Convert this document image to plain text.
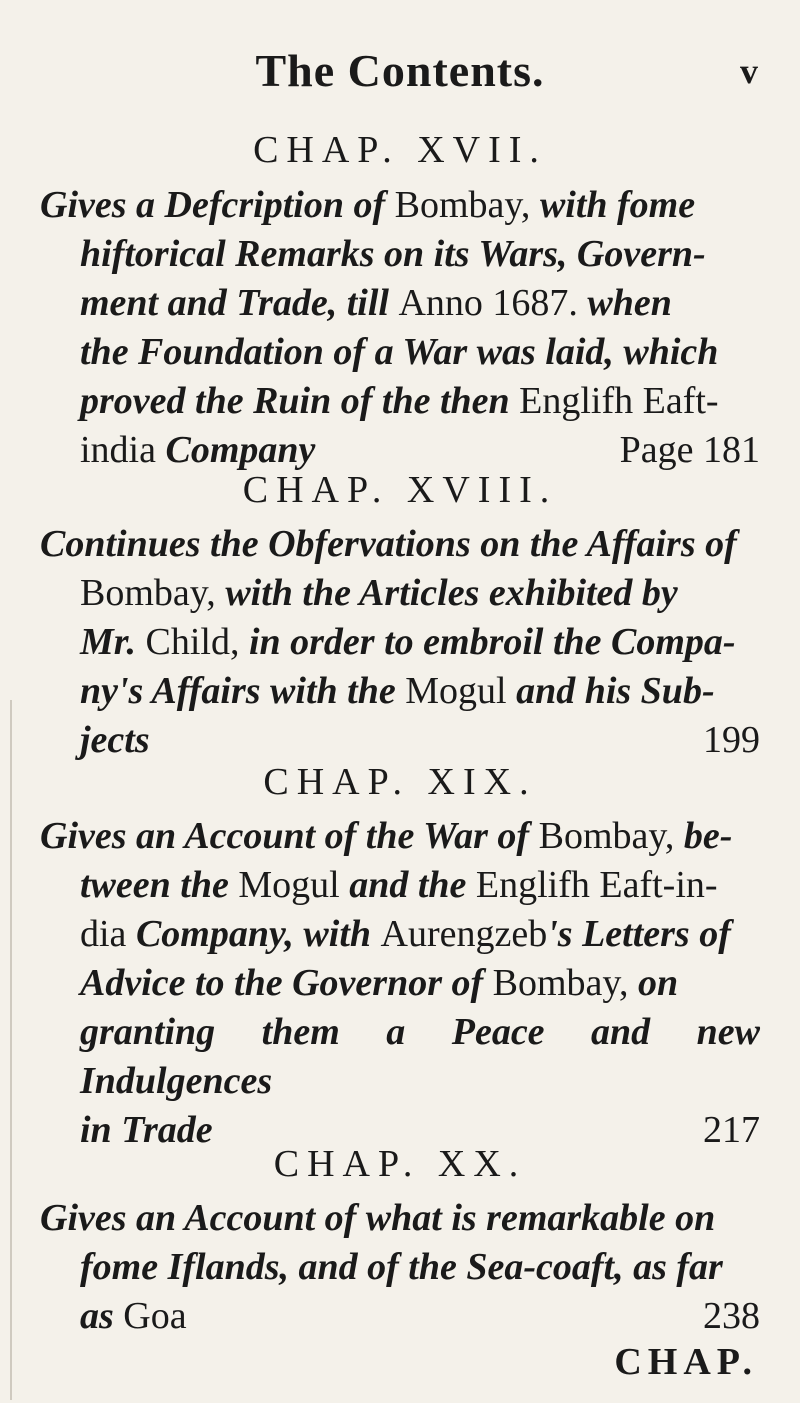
The Contents.	v
CHAP. XVII.
Gives a Defcription of Bombay, with fome
hiftorical Remarks on its Wars, Govern-
ment and Trade, till Anno 1687. when
the Foundation of a War was laid, which
proved the Ruin of the then Englifh Eaft-
india Company	Page 181
CHAP. XVIII.
Continues the Obfervations on the Affairs of
Bombay, with the Articles exhibited by
Mr. Child, in order to embroil the Compa-
ny's Affairs with the Mogul and his Sub-
jects	199
CHAP. XIX.
Gives an Account of the War of Bombay, be-
tween the Mogul and the Englifh Eaft-in-
dia Company, with Aurengzeb's Letters of
Advice to the Governor of Bombay, on
granting them a Peace and new Indulgences
in Trade	217
CHAP. XX.
Gives an Account of what is remarkable on
fome Iflands, and of the Sea-coaft, as far
as Goa	238
CHAP.
